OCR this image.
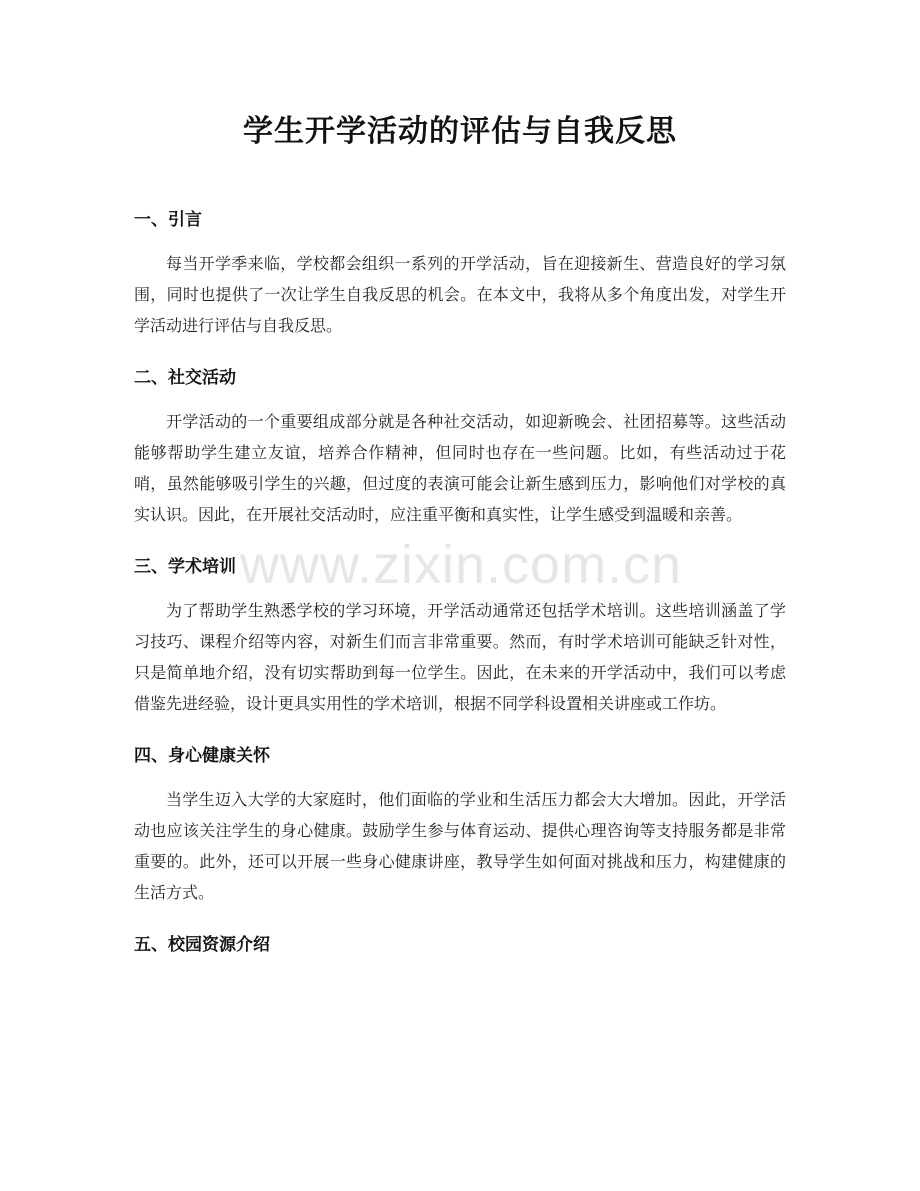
学生开学活动的评估与自我反思
一、引言

每当开学季来临，学校都会组织一系列的开学活动，旨在迎接新生、营造良好的学习氛围，同时也提供了一次让学生自我反思的机会。在本文中，我将从多个角度出发，对学生开学活动进行评估与自我反思。

二、社交活动

开学活动的一个重要组成部分就是各种社交活动，如迎新晚会、社团招募等。这些活动能够帮助学生建立友谊，培养合作精神，但同时也存在一些问题。比如，有些活动过于花哨，虽然能够吸引学生的兴趣，但过度的表演可能会让新生感到压力，影响他们对学校的真实认识。因此，在开展社交活动时，应注重平衡和真实性，让学生感受到温暖和亲善。

三、学术培训

为了帮助学生熟悉学校的学习环境，开学活动通常还包括学术培训。这些培训涵盖了学习技巧、课程介绍等内容，对新生们而言非常重要。然而，有时学术培训可能缺乏针对性，只是简单地介绍，没有切实帮助到每一位学生。因此，在未来的开学活动中，我们可以考虑借鉴先进经验，设计更具实用性的学术培训，根据不同学科设置相关讲座或工作坊。

四、身心健康关怀

当学生迈入大学的大家庭时，他们面临的学业和生活压力都会大大增加。因此，开学活动也应该关注学生的身心健康。鼓励学生参与体育运动、提供心理咨询等支持服务都是非常重要的。此外，还可以开展一些身心健康讲座，教导学生如何面对挑战和压力，构建健康的生活方式。

五、校园资源介绍
www.zixin.com.cn
